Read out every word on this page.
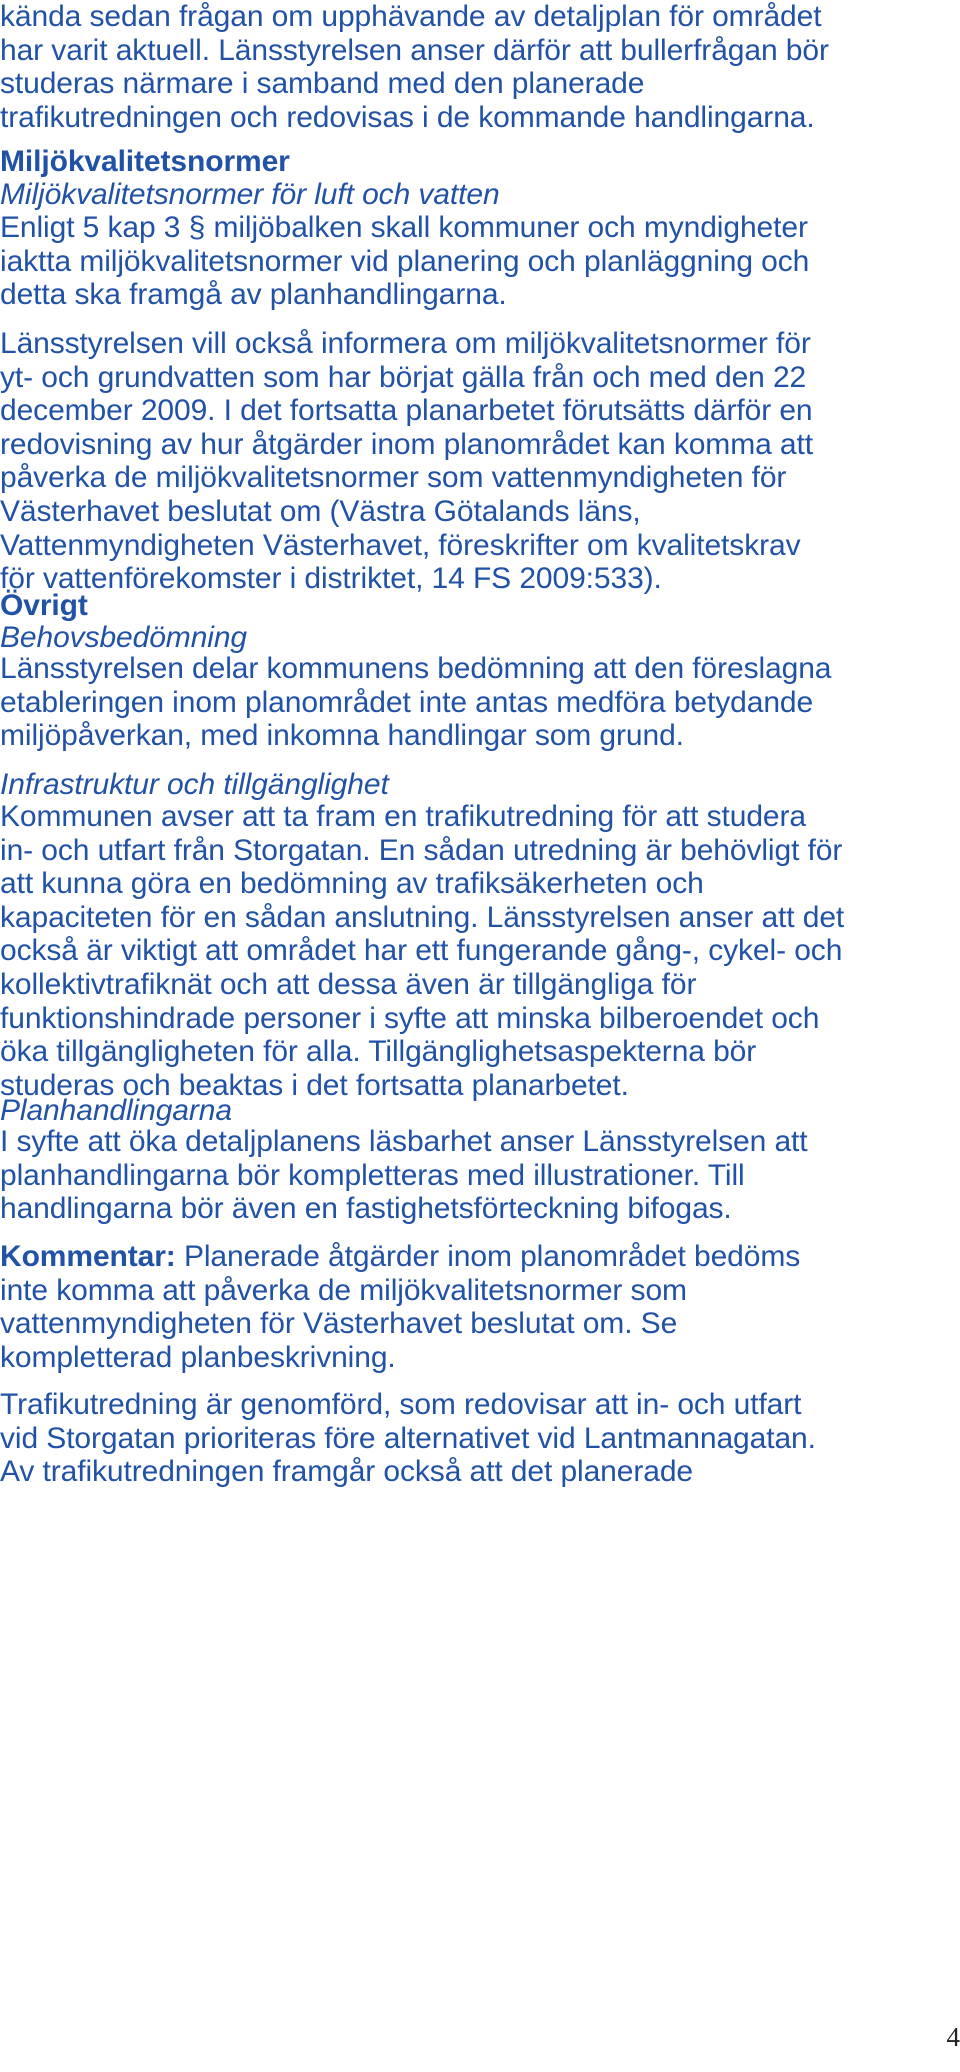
kända sedan frågan om upphävande av detaljplan för området
har varit aktuell. Länsstyrelsen anser därför att bullerfrågan bör
studeras närmare i samband med den planerade
trafikutredningen och redovisas i de kommande handlingarna.

Miljökvalitetsnormer

Miljökvalitetsnormer för luft och vatten

Enligt 5 kap 3 § miljöbalken skall kommuner och myndigheter
iaktta miljökvalitetsnormer vid planering och planläggning och
detta ska framgå av planhandlingarna.

Länsstyrelsen vill också informera om miljökvalitetsnormer för
yt- och grundvatten som har börjat gälla från och med den 22
december 2009. I det fortsatta planarbetet förutsätts därför en
redovisning av hur åtgärder inom planområdet kan komma att
påverka de miljökvalitetsnormer som vattenmyndigheten för
Västerhavet beslutat om (Västra Götalands läns,
Vattenmyndigheten Västerhavet, föreskrifter om kvalitetskrav
för vattenförekomster i distriktet, 14 FS 2009:533).

Övrigt

Behovsbedömning

Länsstyrelsen delar kommunens bedömning att den föreslagna
etableringen inom planområdet inte antas medföra betydande
miljöpåverkan, med inkomna handlingar som grund.

Infrastruktur och tillgänglighet

Kommunen avser att ta fram en trafikutredning för att studera
in- och utfart från Storgatan. En sådan utredning är behövligt för
att kunna göra en bedömning av trafiksäkerheten och
kapaciteten för en sådan anslutning. Länsstyrelsen anser att det
också är viktigt att området har ett fungerande gång-, cykel- och
kollektivtrafiknät och att dessa även är tillgängliga för
funktionshindrade personer i syfte att minska bilberoendet och
öka tillgängligheten för alla. Tillgänglighetsaspekterna bör
studeras och beaktas i det fortsatta planarbetet.

Planhandlingarna

I syfte att öka detaljplanens läsbarhet anser Länsstyrelsen att
planhandlingarna bör kompletteras med illustrationer. Till
handlingarna bör även en fastighetsförteckning bifogas.

Kommentar: Planerade åtgärder inom planområdet bedöms
inte komma att påverka de miljökvalitetsnormer som
vattenmyndigheten för Västerhavet beslutat om. Se
kompletterad planbeskrivning.

Trafikutredning är genomförd, som redovisar att in- och utfart
vid Storgatan prioriteras före alternativet vid Lantmannagatan.
Av trafikutredningen framgår också att det planerade

4
